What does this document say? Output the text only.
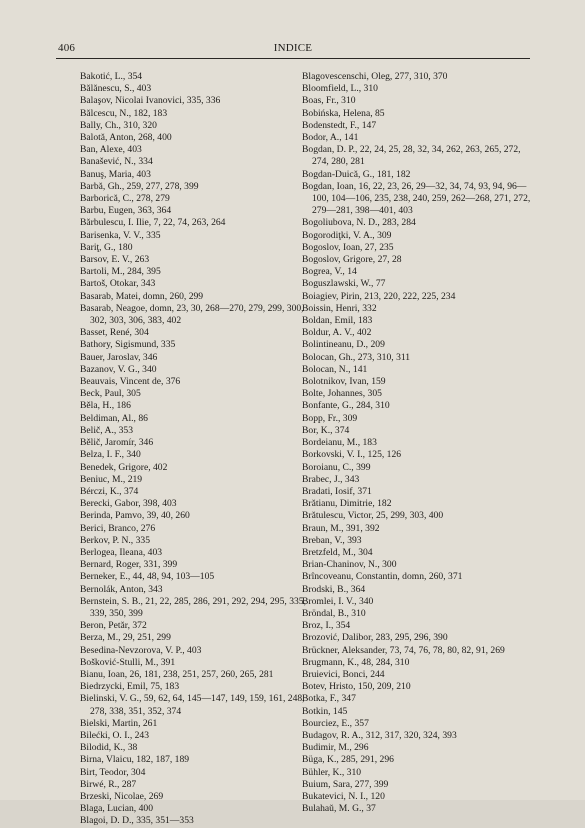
406	INDICE
Bakotić, L., 354
Bălănescu, S., 403
Balaşov, Nicolai Ivanovici, 335, 336
Bălcescu, N., 182, 183
Bally, Ch., 310, 320
Balotă, Anton, 268, 400
Ban, Alexe, 403
Banašević, N., 334
Banuş, Maria, 403
Barbă, Gh., 259, 277, 278, 399
Barborică, C., 278, 279
Barbu, Eugen, 363, 364
Bărbulescu, I. Ilie, 7, 22, 74, 263, 264
Barisenka, V. V., 335
Bariţ, G., 180
Barsov, E. V., 263
Bartoli, M., 284, 395
Bartoš, Otokar, 343
Basarab, Matei, domn, 260, 299
Basarab, Neagoe, domn, 23, 30, 268—270, 279, 299, 300, 302, 303, 306, 383, 402
Basset, René, 304
Bathory, Sigismund, 335
Bauer, Jaroslav, 346
Bazanov, V. G., 340
Beauvais, Vincent de, 376
Beck, Paul, 305
Běla, H., 186
Beldiman, Al., 86
Belič, A., 353
Bělič, Jaromír, 346
Belza, I. F., 340
Benedek, Grigore, 402
Beniuc, M., 219
Bérczi, K., 374
Berecki, Gabor, 398, 403
Berinda, Pamvo, 39, 40, 260
Berici, Branco, 276
Berkov, P. N., 335
Berlogea, Ileana, 403
Bernard, Roger, 331, 399
Berneker, E., 44, 48, 94, 103—105
Bernolák, Anton, 343
Bernstein, S. B., 21, 22, 285, 286, 291, 292, 294, 295, 335, 339, 350, 399
Beron, Petăr, 372
Berza, M., 29, 251, 299
Besedina-Nevzorova, V. P., 403
Bošković-Stulli, M., 391
Bianu, Ioan, 26, 181, 238, 251, 257, 260, 265, 281
Biedrzycki, Emil, 75, 183
Bielinski, V. G., 59, 62, 64, 145—147, 149, 159, 161, 248, 278, 338, 351, 352, 374
Bielski, Martin, 261
Bilećki, O. I., 243
Bilodid, K., 38
Birna, Vlaicu, 182, 187, 189
Birt, Teodor, 304
Birwé, R., 287
Brzeski, Nicolae, 269
Blaga, Lucian, 400
Blagoi, D. D., 335, 351—353
Blagovescenschi, Oleg, 277, 310, 370
Bloomfield, L., 310
Boas, Fr., 310
Bobińska, Helena, 85
Bodenstedt, F., 147
Bodor, A., 141
Bogdan, D. P., 22, 24, 25, 28, 32, 34, 262, 263, 265, 272, 274, 280, 281
Bogdan-Duică, G., 181, 182
Bogdan, Ioan, 16, 22, 23, 26, 29—32, 34, 74, 93, 94, 96—100, 104—106, 235, 238, 240, 259, 262—268, 271, 272, 279—281, 398—401, 403
Bogoliubova, N. D., 283, 284
Bogorodiţki, V. A., 309
Bogoslov, Ioan, 27, 235
Bogoslov, Grigore, 27, 28
Bogrea, V., 14
Boguszlawski, W., 77
Boiagiev, Pirin, 213, 220, 222, 225, 234
Boissin, Henri, 332
Boldan, Emil, 183
Boldur, A. V., 402
Bolintineanu, D., 209
Bolocan, Gh., 273, 310, 311
Bolocan, N., 141
Bolotnikov, Ivan, 159
Bolte, Johannes, 305
Bonfante, G., 284, 310
Bopp, Fr., 309
Bor, K., 374
Bordeianu, M., 183
Borkovski, V. I., 125, 126
Boroianu, C., 399
Brabec, J., 343
Bradati, Iosif, 371
Brătianu, Dimitrie, 182
Brătulescu, Victor, 25, 299, 303, 400
Braun, M., 391, 392
Breban, V., 393
Bretzfeld, M., 304
Brian-Chaninov, N., 300
Brîncoveanu, Constantin, domn, 260, 371
Brodski, B., 364
Bromlei, I. V., 340
Bröndal, B., 310
Broz, I., 354
Brozović, Dalibor, 283, 295, 296, 390
Brückner, Aleksander, 73, 74, 76, 78, 80, 82, 91, 269
Brugmann, K., 48, 284, 310
Bruievici, Bonci, 244
Botev, Hristo, 150, 209, 210
Botka, F., 347
Botkin, 145
Bourciez, E., 357
Budagov, R. A., 312, 317, 320, 324, 393
Budimir, M., 296
Büga, K., 285, 291, 296
Bühler, K., 310
Buium, Sara, 277, 399
Bukatevici, N. I., 120
Bulahaŭ, M. G., 37
